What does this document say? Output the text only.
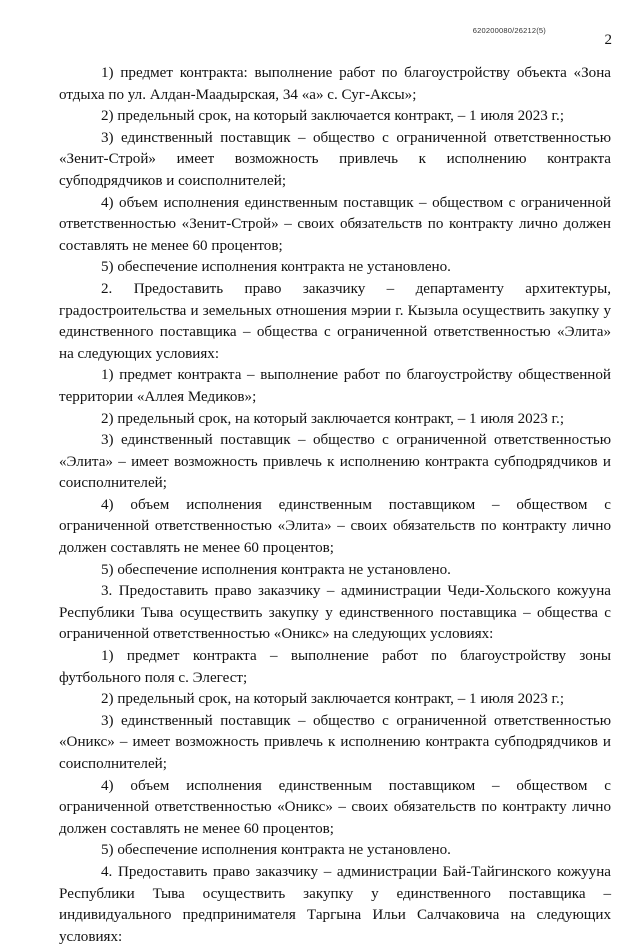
620200080/26212(5)
2

1) предмет контракта: выполнение работ по благоустройству объекта «Зона отдыха по ул. Алдан-Маадырская, 34 «а» с. Суг-Аксы»;

2) предельный срок, на который заключается контракт, – 1 июля 2023 г.;

3) единственный поставщик – общество с ограниченной ответственностью «Зенит-Строй» имеет возможность привлечь к исполнению контракта субподрядчиков и соисполнителей;

4) объем исполнения единственным поставщик – обществом с ограниченной ответственностью «Зенит-Строй» – своих обязательств по контракту лично должен составлять не менее 60 процентов;

5) обеспечение исполнения контракта не установлено.

2. Предоставить право заказчику – департаменту архитектуры, градостроительства и земельных отношения мэрии г. Кызыла осуществить закупку у единственного поставщика – общества с ограниченной ответственностью «Элита» на следующих условиях:

1) предмет контракта – выполнение работ по благоустройству общественной территории «Аллея Медиков»;

2) предельный срок, на который заключается контракт, – 1 июля 2023 г.;

3) единственный поставщик – общество с ограниченной ответственностью «Элита» – имеет возможность привлечь к исполнению контракта субподрядчиков и соисполнителей;

4) объем исполнения единственным поставщиком – обществом с ограниченной ответственностью «Элита» – своих обязательств по контракту лично должен составлять не менее 60 процентов;

5) обеспечение исполнения контракта не установлено.

3. Предоставить право заказчику – администрации Чеди-Хольского кожууна Республики Тыва осуществить закупку у единственного поставщика – общества с ограниченной ответственностью «Оникс» на следующих условиях:

1) предмет контракта – выполнение работ по благоустройству зоны футбольного поля с. Элегест;

2) предельный срок, на который заключается контракт, – 1 июля 2023 г.;

3) единственный поставщик – общество с ограниченной ответственностью «Оникс» – имеет возможность привлечь к исполнению контракта субподрядчиков и соисполнителей;

4) объем исполнения единственным поставщиком – обществом с ограниченной ответственностью «Оникс» – своих обязательств по контракту лично должен составлять не менее 60 процентов;

5) обеспечение исполнения контракта не установлено.

4. Предоставить право заказчику – администрации Бай-Тайгинского кожууна Республики Тыва осуществить закупку у единственного поставщика – индивидуального предпринимателя Таргына Ильи Салчаковича на следующих условиях:
